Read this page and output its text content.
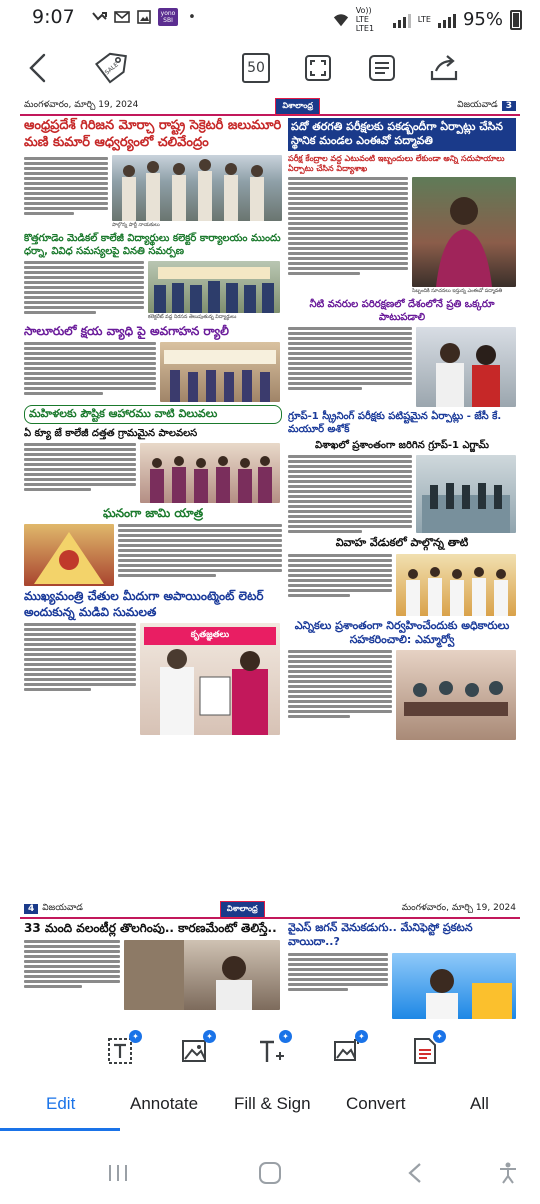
9:07	yono SBI	•	Vo)) LTE LTE1
LTE 95%
SALE	50
మంగళవారం, మార్చి 19, 2024	విశాలాంధ్ర	విజయవాడ 3
ఆంధ్రప్రదేశ్ గిరిజన మోర్చా రాష్ట్ర సెక్రెటరీ జలుమూరి మణి కుమార్ ఆధ్వర్యంలో చలివేంద్రం
పాల్గొన్న పార్టీ నాయకులు
కొత్తగూడెం మెడికల్ కాలేజీ విద్యార్థులు కలెక్టర్ కార్యాలయం ముందు ధర్నా, వివిధ సమస్యలపై వినతి సమర్పణ
కలెక్టరేట్ వద్ద నిరసన తెలుపుతున్న విద్యార్థులు
సాలూరులో క్షయ వ్యాధి పై అవగాహన ర్యాలీ
మహిళలకు పౌష్టిక ఆహారము వాటి విలువలు
ఏ క్యూ జే కాలేజీ దత్తత గ్రామమైన పాలవలస
ఘనంగా జామి యాత్ర
ముఖ్యమంత్రి చేతుల మీదుగా అపాయింట్మెంట్ లెటర్ అందుకున్న మడివి సుమలత
కృతజ్ఞతలు
పదో తరగతి పరీక్షలకు పకడ్బందీగా ఏర్పాట్లు చేసిన స్థానిక మండల ఎంఈవో పద్మావతి
పరీక్ష కేంద్రాల వద్ద ఎటువంటి ఇబ్బందులు లేకుండా అన్ని సదుపాయాలు ఏర్పాటు చేసిన విద్యాశాఖ
సిబ్బందికి సూచనలు ఇస్తున్న ఎంఈవో పద్మావతి
నీటి వనరుల పరిరక్షణలో దేశంలోనే ప్రతి ఒక్కరూ పాటుపడాలి
గ్రూప్-1 స్క్రీనింగ్ పరీక్షకు పటిష్టమైన ఏర్పాట్లు - జేసీ కే. మయూర్ అశోక్
విశాఖలో ప్రశాంతంగా జరిగిన గ్రూప్-1 ఎగ్జామ్
వివాహ వేడుకలో పాల్గొన్న తాటి
ఎన్నికలు ప్రశాంతంగా నిర్వహించేందుకు అధికారులు సహకరించాలి: ఎమ్మార్వో
4 విజయవాడ	విశాలాంధ్ర	మంగళవారం, మార్చి 19, 2024
33 మంది వలంటీర్ల తొలగింపు.. కారణమేంటో తెలిస్తే..	వైఎస్ జగన్ వెనుకడుగు.. మేనిఫెస్టో ప్రకటన వాయిదా..?
✦	✦	✦	✦	✦
Edit	Annotate Fill & Sign Convert	All
